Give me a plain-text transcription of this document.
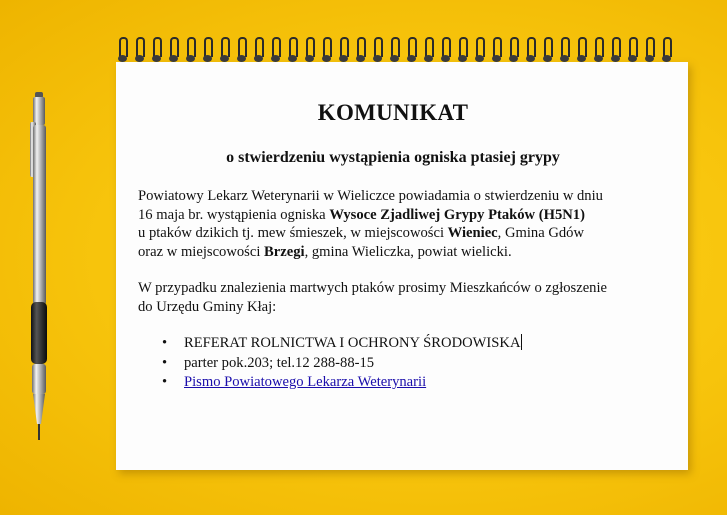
KOMUNIKAT
o stwierdzeniu wystąpienia ogniska ptasiej grypy
Powiatowy Lekarz Weterynarii w Wieliczce powiadamia o stwierdzeniu w dniu
16 maja br. wystąpienia ogniska Wysoce Zjadliwej Grypy Ptaków (H5N1)
u ptaków dzikich tj. mew śmieszek, w miejscowości Wieniec, Gmina Gdów
oraz w miejscowości Brzegi, gmina Wieliczka, powiat wielicki.
W przypadku znalezienia martwych ptaków prosimy Mieszkańców o zgłoszenie
do Urzędu Gminy Kłaj:
• REFERAT ROLNICTWA I OCHRONY ŚRODOWISKA
• parter pok.203; tel.12 288-88-15
• Pismo Powiatowego Lekarza Weterynarii
